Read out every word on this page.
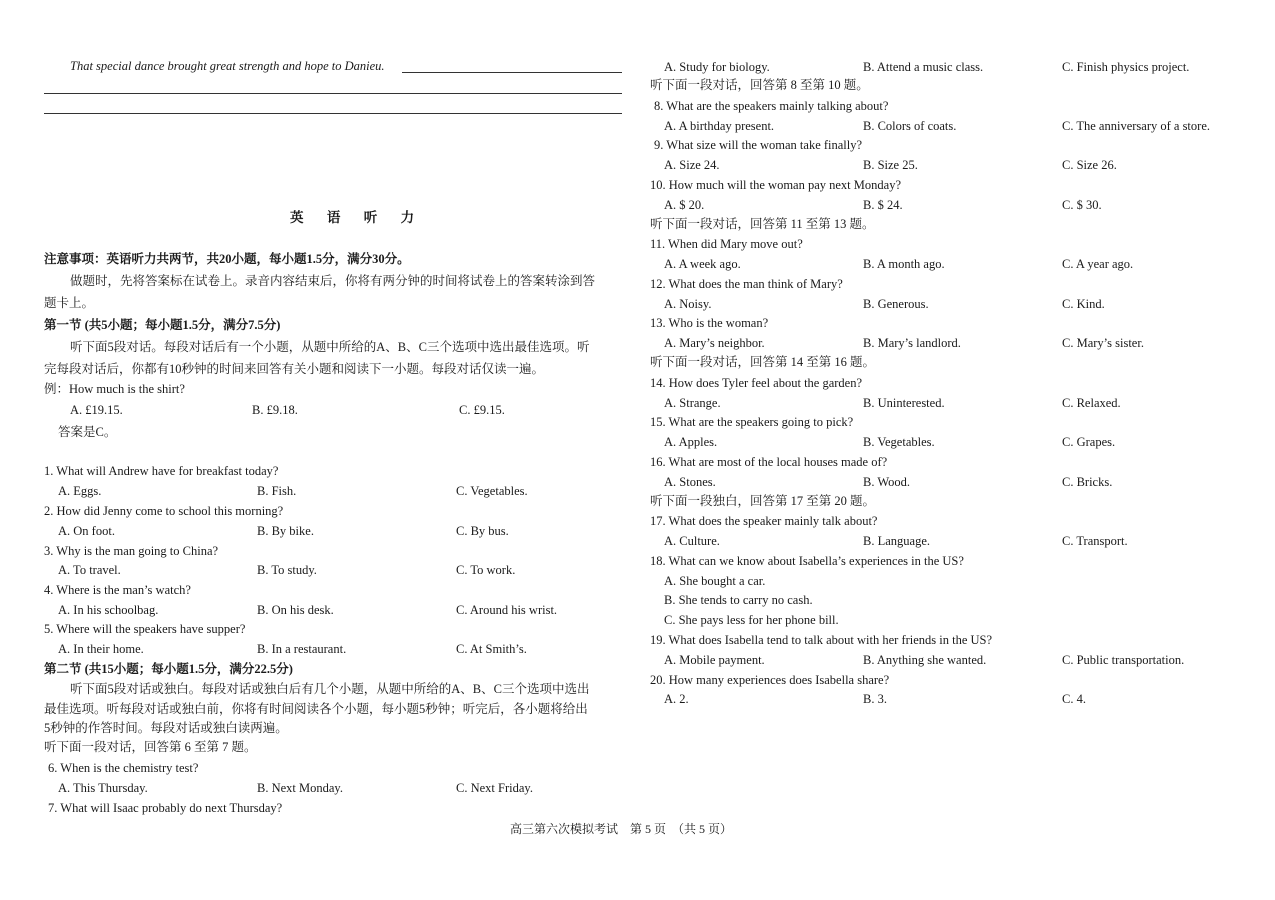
That special dance brought great strength and hope to Danieu.
英 语 听 力
注意事项：英语听力共两节，共20小题，每小题1.5分，满分30分。
做题时，先将答案标在试卷上。录音内容结束后，你将有两分钟的时间将试卷上的答案转涂到答
题卡上。
第一节 (共5小题；每小题1.5分，满分7.5分)
听下面5段对话。每段对话后有一个小题，从题中所给的A、B、C三个选项中选出最佳选项。听
完每段对话后，你都有10秒钟的时间来回答有关小题和阅读下一小题。每段对话仅读一遍。
例：How much is the shirt?
A. £19.15.	B. £9.18.	C. £9.15.
答案是C。
1. What will Andrew have for breakfast today?
A. Eggs.	B. Fish.	C. Vegetables.
2. How did Jenny come to school this morning?
A. On foot.	B. By bike.	C. By bus.
3. Why is the man going to China?
A. To travel.	B. To study.	C. To work.
4. Where is the man’s watch?
A. In his schoolbag.	B. On his desk.	C. Around his wrist.
5. Where will the speakers have supper?
A. In their home.	B. In a restaurant.	C. At Smith’s.
第二节 (共15小题；每小题1.5分，满分22.5分)
听下面5段对话或独白。每段对话或独白后有几个小题，从题中所给的A、B、C三个选项中选出
最佳选项。听每段对话或独白前，你将有时间阅读各个小题，每小题5秒钟；听完后，各小题将给出
5秒钟的作答时间。每段对话或独白读两遍。
听下面一段对话，回答第 6 至第 7 题。
6. When is the chemistry test?
A. This Thursday.	B. Next Monday.	C. Next Friday.
7. What will Isaac probably do next Thursday?
A. Study for biology.	B. Attend a music class.	C. Finish physics project.
听下面一段对话，回答第 8 至第 10 题。
8. What are the speakers mainly talking about?
A. A birthday present.	B. Colors of coats.	C. The anniversary of a store.
9. What size will the woman take finally?
A. Size 24.	B. Size 25.	C. Size 26.
10. How much will the woman pay next Monday?
A. $ 20.	B. $ 24.	C. $ 30.
听下面一段对话，回答第 11 至第 13 题。
11. When did Mary move out?
A. A week ago.	B. A month ago.	C. A year ago.
12. What does the man think of Mary?
A. Noisy.	B. Generous.	C. Kind.
13. Who is the woman?
A. Mary’s neighbor.	B. Mary’s landlord.	C. Mary’s sister.
听下面一段对话，回答第 14 至第 16 题。
14. How does Tyler feel about the garden?
A. Strange.	B. Uninterested.	C. Relaxed.
15. What are the speakers going to pick?
A. Apples.	B. Vegetables.	C. Grapes.
16. What are most of the local houses made of?
A. Stones.	B. Wood.	C. Bricks.
听下面一段独白，回答第 17 至第 20 题。
17. What does the speaker mainly talk about?
A. Culture.	B. Language.	C. Transport.
18. What can we know about Isabella’s experiences in the US?
A. She bought a car.
B. She tends to carry no cash.
C. She pays less for her phone bill.
19. What does Isabella tend to talk about with her friends in the US?
A. Mobile payment.	B. Anything she wanted.	C. Public transportation.
20. How many experiences does Isabella share?
A. 2.	B. 3.	C. 4.
高三第六次模拟考试　第 5 页　（共 5 页）
